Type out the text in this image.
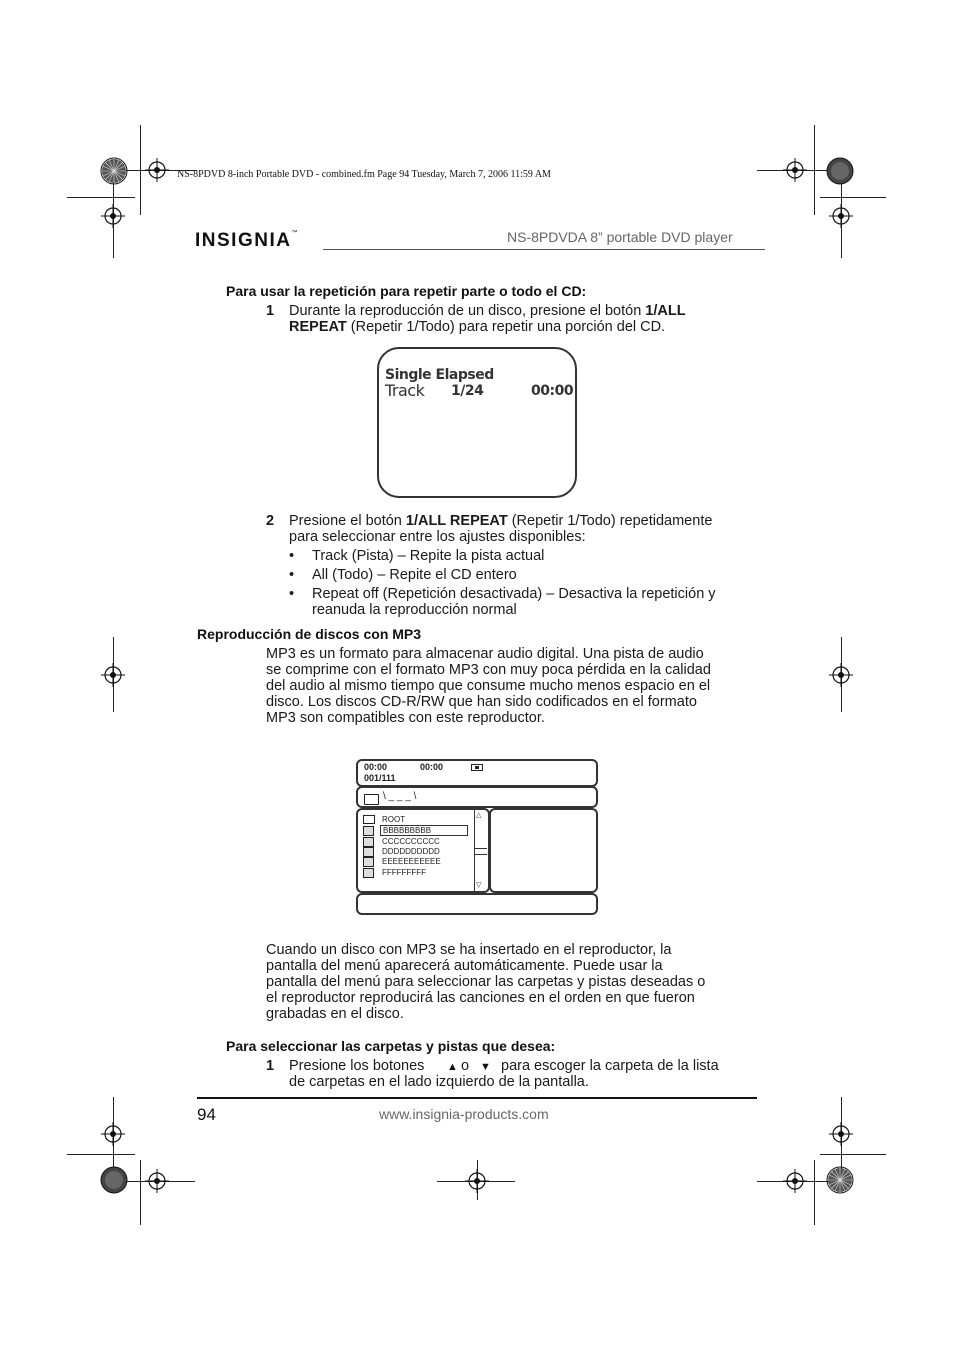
NS-8PDVD 8-inch Portable DVD - combined.fm Page 94 Tuesday, March 7, 2006 11:59 AM
INSIGNIA™	NS-8PDVDA 8” portable DVD player
Para usar la repetición para repetir parte o todo el CD:
1	Durante la reproducción de un disco, presione el botón 1/ALL
REPEAT (Repetir 1/Todo) para repetir una porción del CD.
Single Elapsed
Track 1/24	00:00
2 Presione el botón 1/ALL REPEAT (Repetir 1/Todo) repetidamente
para seleccionar entre los ajustes disponibles:
• Track (Pista) – Repite la pista actual
• All (Todo) – Repite el CD entero
• Repeat off (Repetición desactivada) – Desactiva la repetición y
reanuda la reproducción normal
Reproducción de discos con MP3
MP3 es un formato para almacenar audio digital. Una pista de audio
se comprime con el formato MP3 con muy poca pérdida en la calidad
del audio al mismo tiempo que consume mucho menos espacio en el
disco. Los discos CD-R/RW que han sido codificados en el formato
MP3 son compatibles con este reproductor.
00:00	00:00
001/111
\ _ _ _ \
ROOT
BBBBBBBBB
CCCCCCCCCC
DDDDDDDDDD
EEEEEEEEEEE
FFFFFFFFF
△
▽
Cuando un disco con MP3 se ha insertado en el reproductor, la
pantalla del menú aparecerá automáticamente. Puede usar la
pantalla del menú para seleccionar las carpetas y pistas deseadas o
el reproductor reproducirá las canciones en el orden en que fueron
grabadas en el disco.
Para seleccionar las carpetas y pistas que desea:
1 Presione los botones ▲ o ▼ para escoger la carpeta de la lista
de carpetas en el lado izquierdo de la pantalla.
94	www.insignia-products.com
